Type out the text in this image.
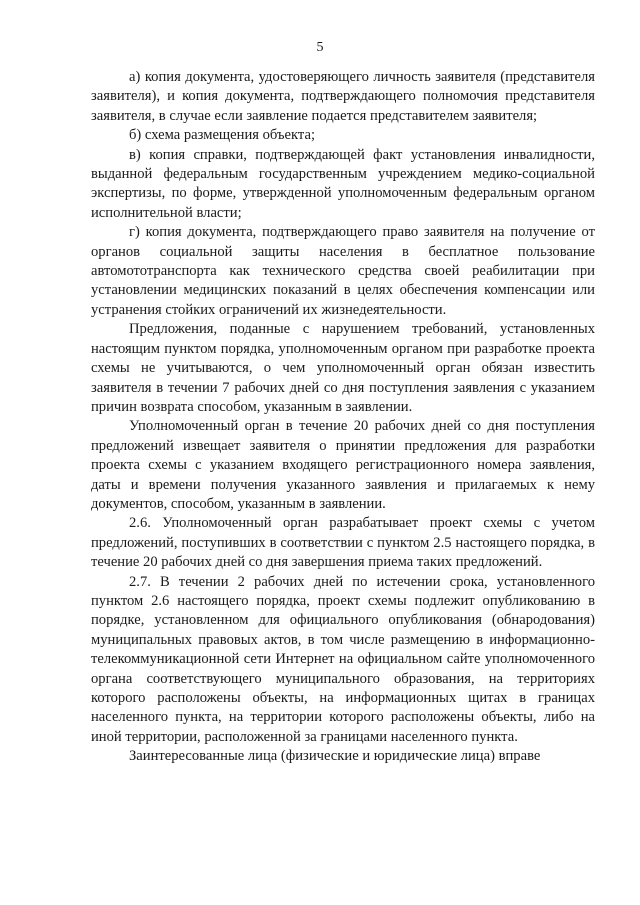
5

а) копия документа, удостоверяющего личность заявителя (представителя заявителя), и копия документа, подтверждающего полномочия представителя заявителя, в случае если заявление подается представителем заявителя;

б) схема размещения объекта;

в) копия справки, подтверждающей факт установления инвалидности, выданной федеральным государственным учреждением медико-социальной экспертизы, по форме, утвержденной уполномоченным федеральным органом исполнительной власти;

г) копия документа, подтверждающего право заявителя на получение от органов социальной защиты населения в бесплатное пользование автомототранспорта как технического средства своей реабилитации при установлении медицинских показаний в целях обеспечения компенсации или устранения стойких ограничений их жизнедеятельности.

Предложения, поданные с нарушением требований, установленных настоящим пунктом порядка, уполномоченным органом при разработке проекта схемы не учитываются, о чем уполномоченный орган обязан известить заявителя в течении 7 рабочих дней со дня поступления заявления с указанием причин возврата способом, указанным в заявлении.

Уполномоченный орган в течение 20 рабочих дней со дня поступления предложений извещает заявителя о принятии предложения для разработки проекта схемы с указанием входящего регистрационного номера заявления, даты и времени получения указанного заявления и прилагаемых к нему документов, способом, указанным в заявлении.

2.6. Уполномоченный орган разрабатывает проект схемы с учетом предложений, поступивших в соответствии с пунктом 2.5 настоящего порядка, в течение 20 рабочих дней со дня завершения приема таких предложений.

2.7. В течении 2 рабочих дней по истечении срока, установленного пунктом 2.6 настоящего порядка, проект схемы подлежит опубликованию в порядке, установленном для официального опубликования (обнародования) муниципальных правовых актов, в том числе размещению в информационно-телекоммуникационной сети Интернет на официальном сайте уполномоченного органа соответствующего муниципального образования, на территориях которого расположены объекты, на информационных щитах в границах населенного пункта, на территории которого расположены объекты, либо на иной территории, расположенной за границами населенного пункта.

Заинтересованные лица (физические и юридические лица) вправе
